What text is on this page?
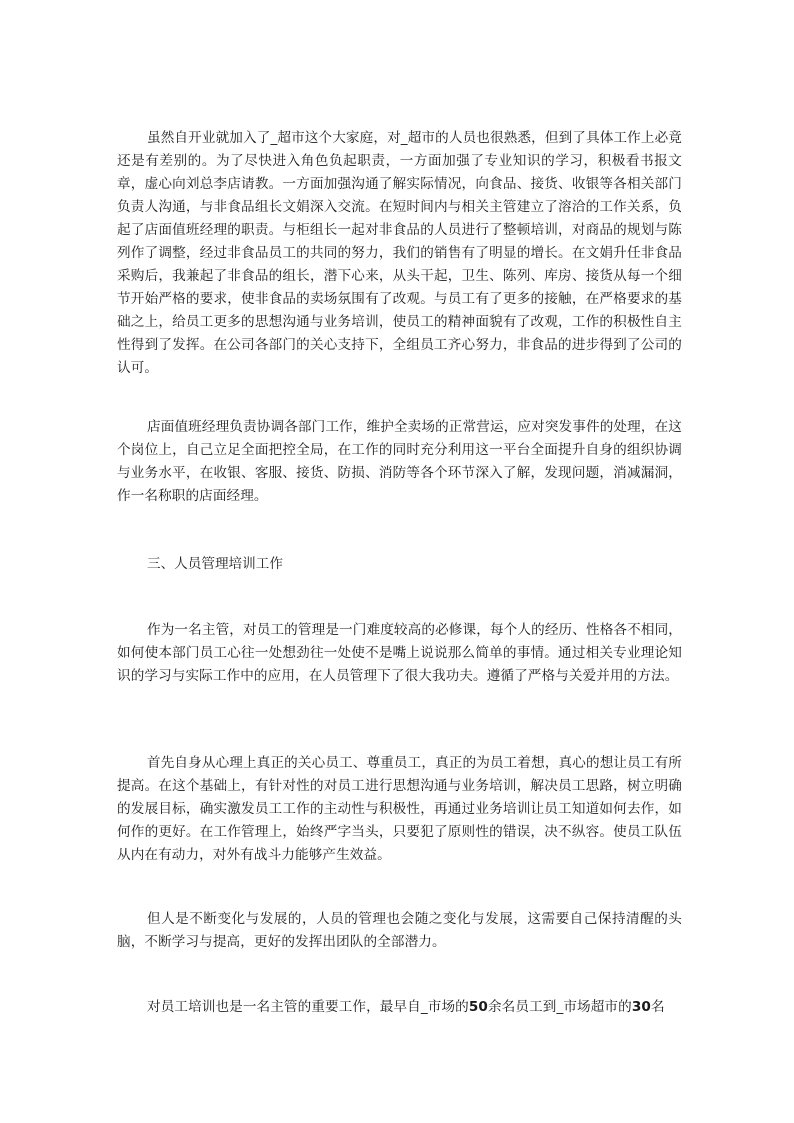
虽然自开业就加入了_超市这个大家庭，对_超市的人员也很熟悉，但到了具体工作上必竟还是有差别的。为了尽快进入角色负起职责，一方面加强了专业知识的学习，积极看书报文章，虚心向刘总李店请教。一方面加强沟通了解实际情况，向食品、接货、收银等各相关部门负责人沟通，与非食品组长文娟深入交流。在短时间内与相关主管建立了溶洽的工作关系，负起了店面值班经理的职责。与柜组长一起对非食品的人员进行了整顿培训，对商品的规划与陈列作了调整，经过非食品员工的共同的努力，我们的销售有了明显的增长。在文娟升任非食品采购后，我兼起了非食品的组长，潜下心来，从头干起，卫生、陈列、库房、接货从每一个细节开始严格的要求，使非食品的卖场氛围有了改观。与员工有了更多的接触，在严格要求的基础之上，给员工更多的思想沟通与业务培训，使员工的精神面貌有了改观，工作的积极性自主性得到了发挥。在公司各部门的关心支持下，全组员工齐心努力，非食品的进步得到了公司的认可。

店面值班经理负责协调各部门工作，维护全卖场的正常营运，应对突发事件的处理，在这个岗位上，自己立足全面把控全局，在工作的同时充分利用这一平台全面提升自身的组织协调与业务水平，在收银、客服、接货、防损、消防等各个环节深入了解，发现问题，消减漏洞，作一名称职的店面经理。

三、人员管理培训工作

作为一名主管，对员工的管理是一门难度较高的必修课，每个人的经历、性格各不相同，如何使本部门员工心往一处想劲往一处使不是嘴上说说那么简单的事情。通过相关专业理论知识的学习与实际工作中的应用，在人员管理下了很大我功夫。遵循了严格与关爱并用的方法。

首先自身从心理上真正的关心员工、尊重员工，真正的为员工着想，真心的想让员工有所提高。在这个基础上，有针对性的对员工进行思想沟通与业务培训，解决员工思路，树立明确的发展目标，确实激发员工工作的主动性与积极性，再通过业务培训让员工知道如何去作，如何作的更好。在工作管理上，始终严字当头，只要犯了原则性的错误，决不纵容。使员工队伍从内在有动力，对外有战斗力能够产生效益。

但人是不断变化与发展的，人员的管理也会随之变化与发展，这需要自己保持清醒的头脑，不断学习与提高，更好的发挥出团队的全部潜力。

对员工培训也是一名主管的重要工作，最早自_市场的50余名员工到_市场超市的30名
